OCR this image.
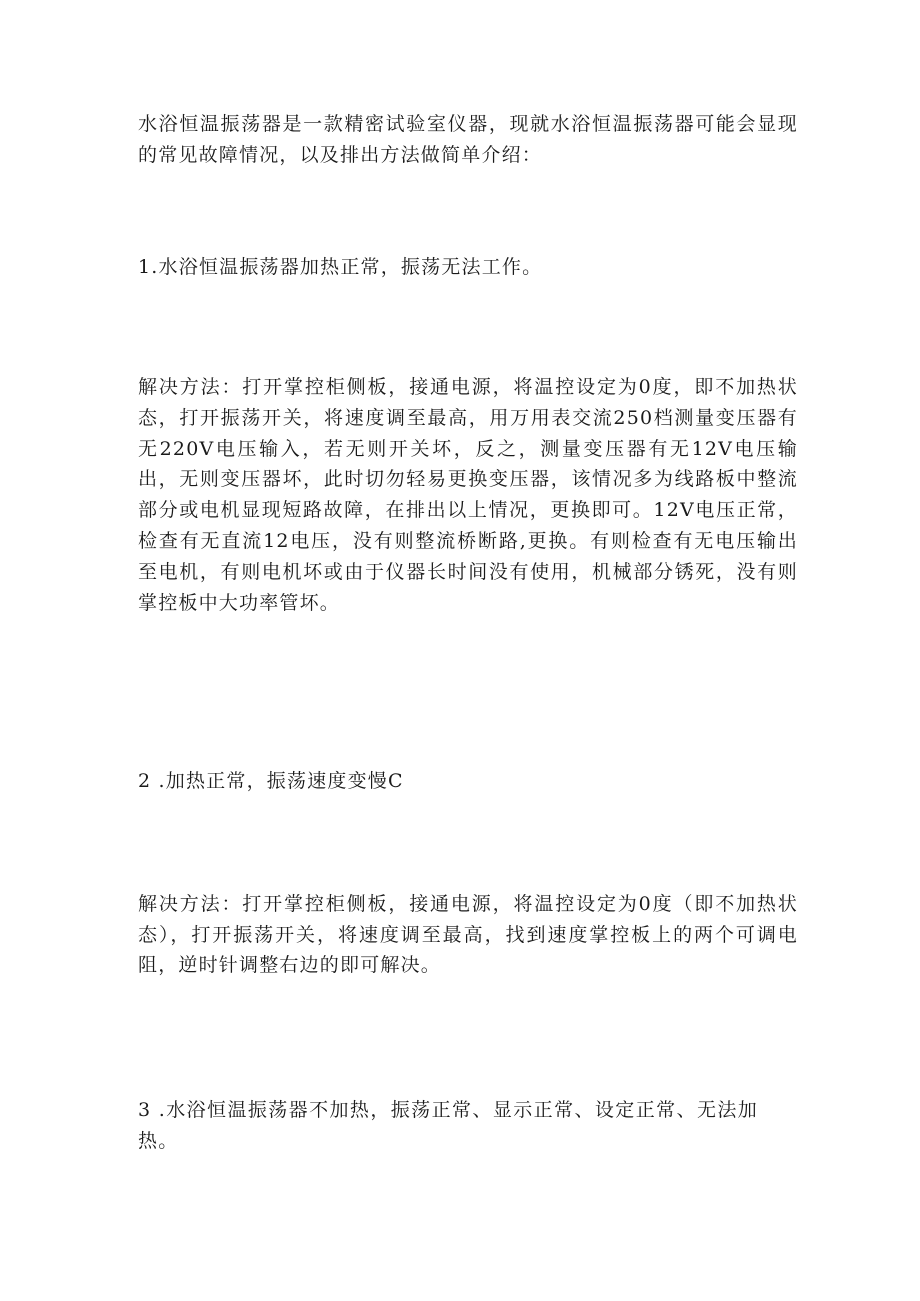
水浴恒温振荡器是一款精密试验室仪器，现就水浴恒温振荡器可能会显现的常见故障情况，以及排出方法做简单介绍：

1.水浴恒温振荡器加热正常，振荡无法工作。

解决方法：打开掌控柜侧板，接通电源，将温控设定为0度，即不加热状态，打开振荡开关，将速度调至最高，用万用表交流250档测量变压器有无220V电压输入，若无则开关坏，反之，测量变压器有无12V电压输出，无则变压器坏，此时切勿轻易更换变压器，该情况多为线路板中整流部分或电机显现短路故障，在排出以上情况，更换即可。12V电压正常，检查有无直流12电压，没有则整流桥断路,更换。有则检查有无电压输出至电机，有则电机坏或由于仪器长时间没有使用，机械部分锈死，没有则掌控板中大功率管坏。

2 .加热正常，振荡速度变慢C

解决方法：打开掌控柜侧板，接通电源，将温控设定为0度（即不加热状态），打开振荡开关，将速度调至最高，找到速度掌控板上的两个可调电阻，逆时针调整右边的即可解决。

3 .水浴恒温振荡器不加热，振荡正常、显示正常、设定正常、无法加热。
